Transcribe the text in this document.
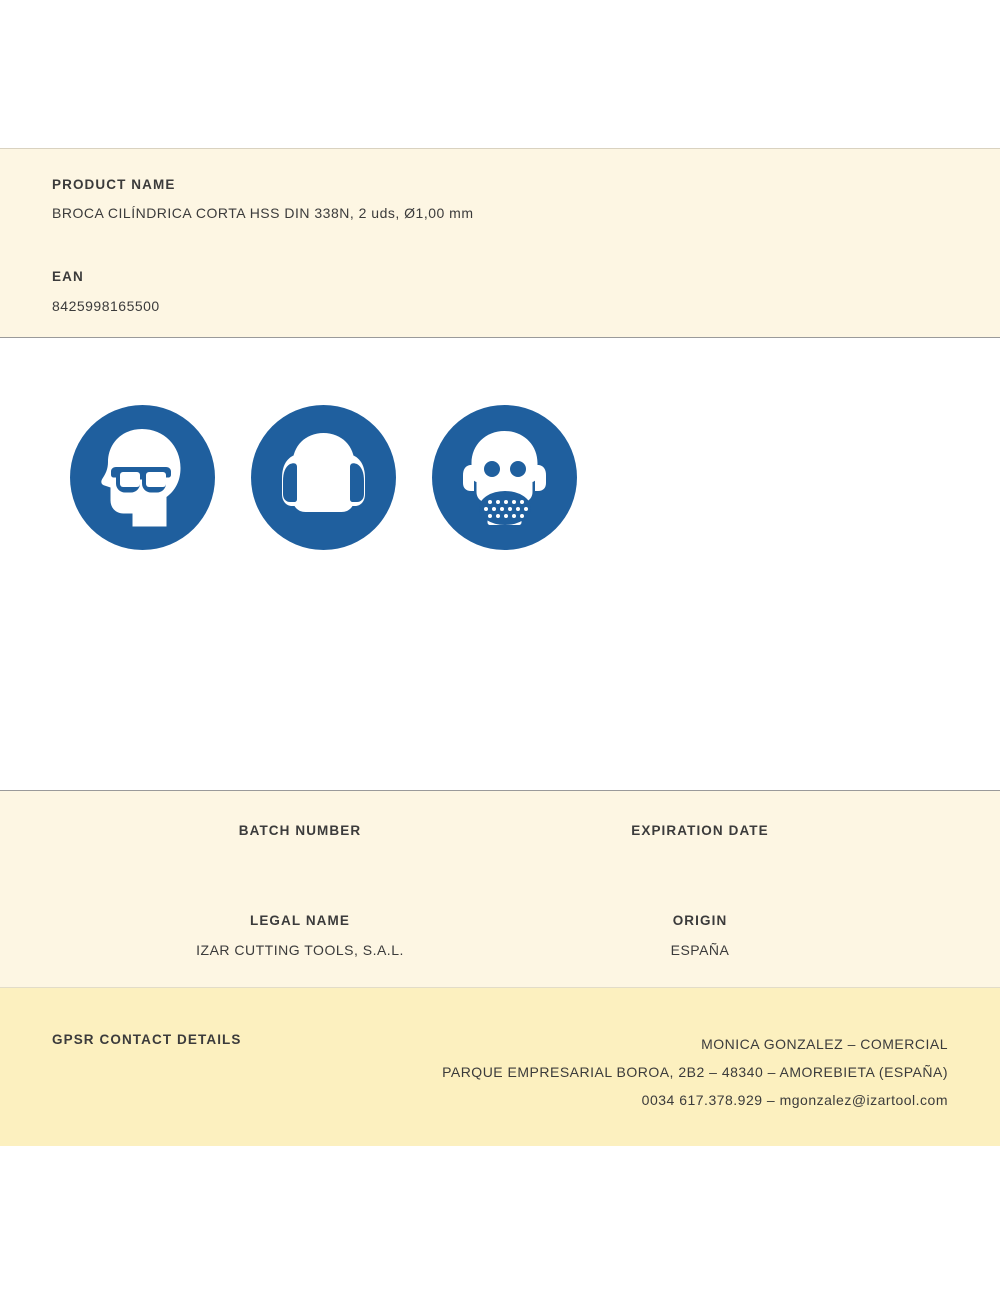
PRODUCT NAME
BROCA CILÍNDRICA CORTA HSS DIN 338N, 2 uds, Ø1,00 mm
EAN
8425998165500
BATCH NUMBER	EXPIRATION DATE
LEGAL NAME
IZAR CUTTING TOOLS, S.A.L.
ORIGIN
ESPAÑA
GPSR CONTACT DETAILS	MONICA GONZALEZ – COMERCIAL
PARQUE EMPRESARIAL BOROA, 2B2 – 48340 – AMOREBIETA (ESPAÑA)
0034 617.378.929 – mgonzalez@izartool.com
